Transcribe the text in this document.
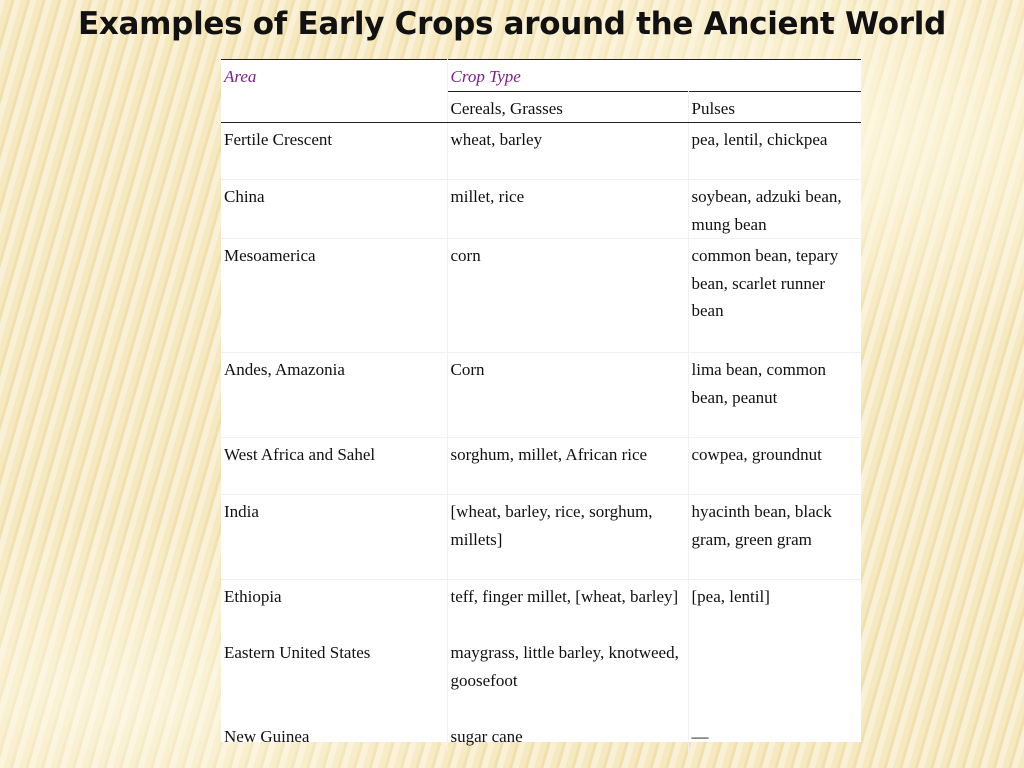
Examples of Early Crops around the Ancient World
Area	Crop Type	
	Cereals, Grasses	Pulses
Fertile Crescent	wheat, barley	pea, lentil, chickpea
China	millet, rice	soybean, adzuki bean, mung bean
Mesoamerica	corn	common bean, tepary bean, scarlet runner bean
Andes, Amazonia	Corn	lima bean, common bean, peanut
West Africa and Sahel	sorghum, millet, African rice	cowpea, groundnut
India	[wheat, barley, rice, sorghum, millets]	hyacinth bean, black gram, green gram
Ethiopia	teff, finger millet, [wheat, barley]	[pea, lentil]
Eastern United States	maygrass, little barley, knotweed, goosefoot	
New Guinea	sugar cane	—
